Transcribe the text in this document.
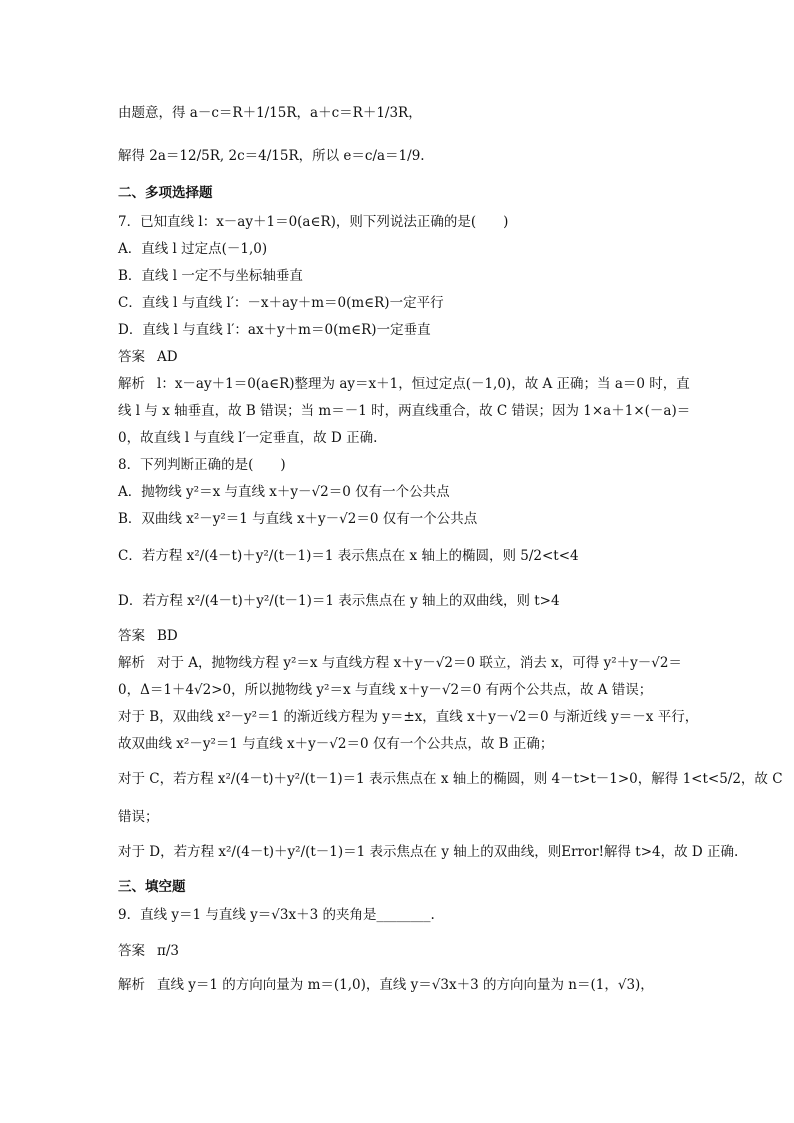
由题意，得 a－c＝R＋1/15R，a＋c＝R＋1/3R，
解得 2a＝12/5R, 2c＝4/15R，所以 e＝c/a＝1/9.
二、多项选择题
7．已知直线 l：x－ay＋1＝0(a∈R)，则下列说法正确的是(　　)
A．直线 l 过定点(－1,0)
B．直线 l 一定不与坐标轴垂直
C．直线 l 与直线 l′：－x＋ay＋m＝0(m∈R)一定平行
D．直线 l 与直线 l′：ax＋y＋m＝0(m∈R)一定垂直
答案 AD
解析 l：x－ay＋1＝0(a∈R)整理为 ay＝x＋1，恒过定点(－1,0)，故 A 正确；当 a＝0 时，直
线 l 与 x 轴垂直，故 B 错误；当 m＝－1 时，两直线重合，故 C 错误；因为 1×a＋1×(－a)＝
0，故直线 l 与直线 l′一定垂直，故 D 正确.
8．下列判断正确的是(　　)
A．抛物线 y²＝x 与直线 x＋y－√2＝0 仅有一个公共点
B．双曲线 x²－y²＝1 与直线 x＋y－√2＝0 仅有一个公共点
C．若方程 x²/(4－t)＋y²/(t－1)＝1 表示焦点在 x 轴上的椭圆，则 5/2<t<4
D．若方程 x²/(4－t)＋y²/(t－1)＝1 表示焦点在 y 轴上的双曲线，则 t>4
答案 BD
解析 对于 A，抛物线方程 y²＝x 与直线方程 x＋y－√2＝0 联立，消去 x，可得 y²＋y－√2＝
0，Δ＝1＋4√2>0，所以抛物线 y²＝x 与直线 x＋y－√2＝0 有两个公共点，故 A 错误；
对于 B，双曲线 x²－y²＝1 的渐近线方程为 y＝±x，直线 x＋y－√2＝0 与渐近线 y＝－x 平行，
故双曲线 x²－y²＝1 与直线 x＋y－√2＝0 仅有一个公共点，故 B 正确；
对于 C，若方程 x²/(4－t)＋y²/(t－1)＝1 表示焦点在 x 轴上的椭圆，则 4－t>t－1>0，解得 1<t<5/2，故 C
错误；
对于 D，若方程 x²/(4－t)＋y²/(t－1)＝1 表示焦点在 y 轴上的双曲线，则Error!解得 t>4，故 D 正确.
三、填空题
9．直线 y＝1 与直线 y＝√3x＋3 的夹角是________.
答案 π/3
解析 直线 y＝1 的方向向量为 m＝(1,0)，直线 y＝√3x＋3 的方向向量为 n＝(1，√3)，
